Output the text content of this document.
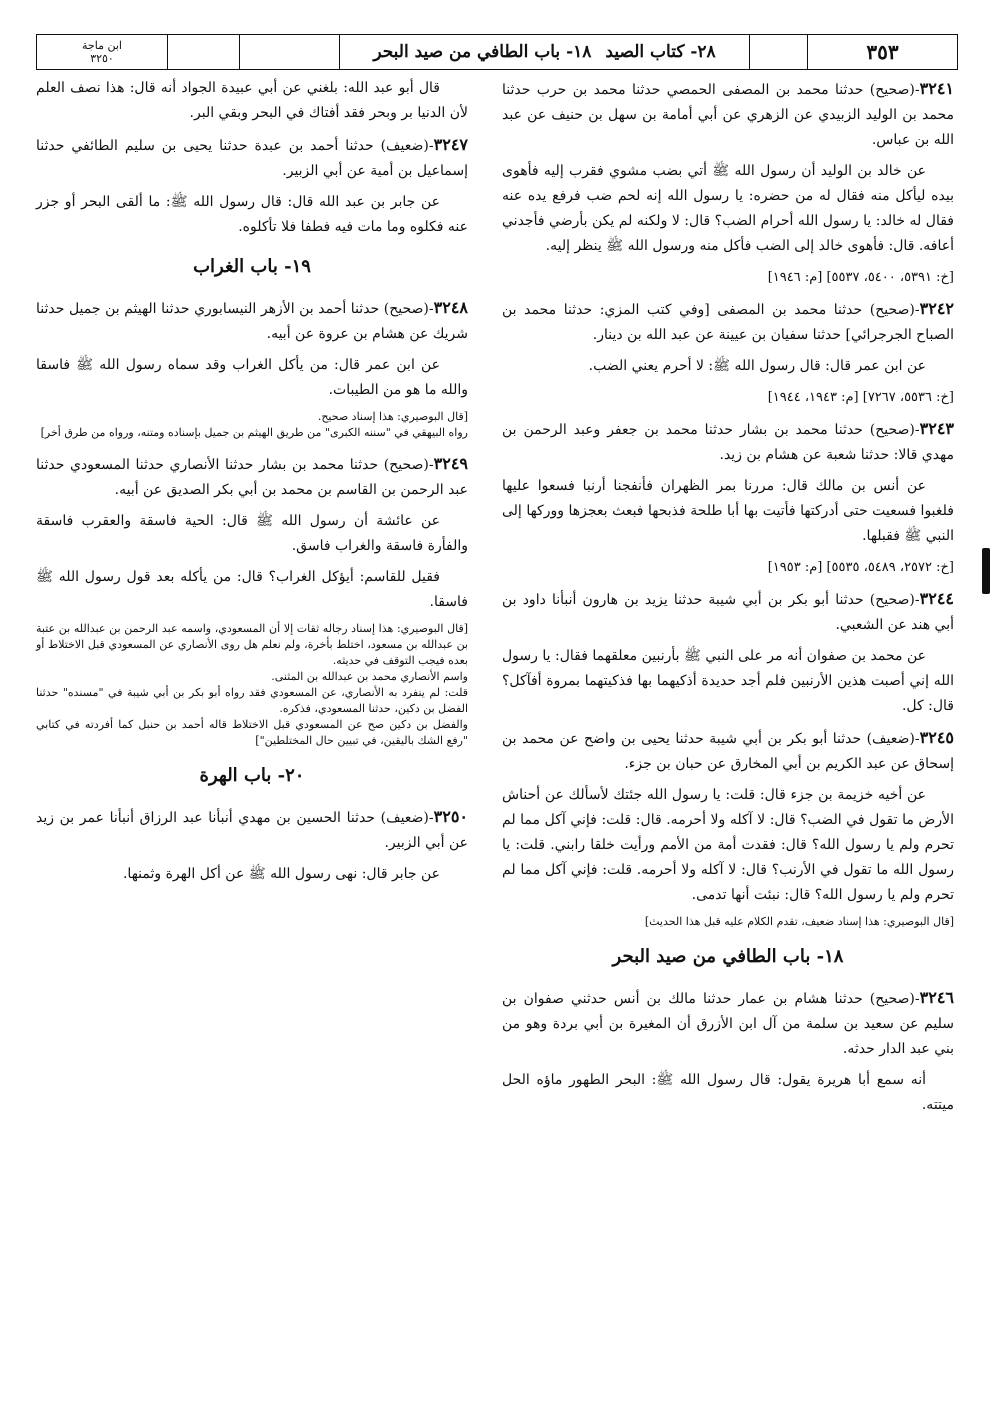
٣٥٣
٢٨- كتاب الصيد
١٨- باب الطافي من صيد البحر
ابن ماجة
٣٢٥٠

٣٢٤١-(صحيح) حدثنا محمد بن المصفى الحمصي حدثنا محمد بن حرب حدثنا محمد بن الوليد الزبيدي عن الزهري عن أبي أمامة بن سهل بن حنيف عن عبد الله بن عباس.

عن خالد بن الوليد أن رسول الله ﷺ أتي بضب مشوي فقرب إليه فأهوى بيده ليأكل منه فقال له من حضره: يا رسول الله إنه لحم ضب فرفع يده عنه فقال له خالد: يا رسول الله أحرام الضب؟ قال: لا ولكنه لم يكن بأرضي فأجدني أعافه. قال: فأهوى خالد إلى الضب فأكل منه ورسول الله ﷺ ينظر إليه.

[خ: ٥٣٩١، ٥٤٠٠، ٥٥٣٧] [م: ١٩٤٦]

٣٢٤٢-(صحيح) حدثنا محمد بن المصفى [وفي كتب المزي: حدثنا محمد بن الصباح الجرجرائي] حدثنا سفيان بن عيينة عن عبد الله بن دينار.

عن ابن عمر قال: قال رسول الله ﷺ: لا أحرم يعني الضب.

[خ: ٥٥٣٦، ٧٢٦٧] [م: ١٩٤٣، ١٩٤٤]

٣٢٤٣-(صحيح) حدثنا محمد بن بشار حدثنا محمد بن جعفر وعبد الرحمن بن مهدي قالا: حدثنا شعبة عن هشام بن زيد.

عن أنس بن مالك قال: مررنا بمر الظهران فأنفجنا أرنبا فسعوا عليها فلغبوا فسعيت حتى أدركتها فأتيت بها أبا طلحة فذبحها فبعث بعجزها ووركها إلى النبي ﷺ فقبلها.

[خ: ٢٥٧٢، ٥٤٨٩، ٥٥٣٥] [م: ١٩٥٣]

٣٢٤٤-(صحيح) حدثنا أبو بكر بن أبي شيبة حدثنا يزيد بن هارون أنبأنا داود بن أبي هند عن الشعبي.

عن محمد بن صفوان أنه مر على النبي ﷺ بأرنبين معلقهما فقال: يا رسول الله إني أصبت هذين الأرنبين فلم أجد حديدة أذكيهما بها فذكيتهما بمروة أفآكل؟ قال: كل.

٣٢٤٥-(ضعيف) حدثنا أبو بكر بن أبي شيبة حدثنا يحيى بن واضح عن محمد بن إسحاق عن عبد الكريم بن أبي المخارق عن حبان بن جزء.

عن أخيه خزيمة بن جزء قال: قلت: يا رسول الله جئتك لأسألك عن أحناش الأرض ما تقول في الضب؟ قال: لا آكله ولا أحرمه. قال: قلت: فإني آكل مما لم تحرم ولم يا رسول الله؟ قال: فقدت أمة من الأمم ورأيت خلقا رابني. قلت: يا رسول الله ما تقول في الأرنب؟ قال: لا آكله ولا أحرمه. قلت: فإني آكل مما لم تحرم ولم يا رسول الله؟ قال: نبئت أنها تدمى.

[قال البوصيري: هذا إسناد ضعيف، تقدم الكلام عليه قبل هذا الحديث]
١٨- باب الطافي من صيد البحر

٣٢٤٦-(صحيح) حدثنا هشام بن عمار حدثنا مالك بن أنس حدثني صفوان بن سليم عن سعيد بن سلمة من آل ابن الأزرق أن المغيرة بن أبي بردة وهو من بني عبد الدار حدثه.

أنه سمع أبا هريرة يقول: قال رسول الله ﷺ: البحر الطهور ماؤه الحل ميتته.

قال أبو عبد الله: بلغني عن أبي عبيدة الجواد أنه قال: هذا نصف العلم لأن الدنيا بر وبحر فقد أفتاك في البحر وبقي البر.

٣٢٤٧-(ضعيف) حدثنا أحمد بن عبدة حدثنا يحيى بن سليم الطائفي حدثنا إسماعيل بن أمية عن أبي الزبير.

عن جابر بن عبد الله قال: قال رسول الله ﷺ: ما ألقى البحر أو جزر عنه فكلوه وما مات فيه فطفا فلا تأكلوه.

١٩- باب الغراب

٣٢٤٨-(صحيح) حدثنا أحمد بن الأزهر النيسابوري حدثنا الهيثم بن جميل حدثنا شريك عن هشام بن عروة عن أبيه.

عن ابن عمر قال: من يأكل الغراب وقد سماه رسول الله ﷺ فاسقا والله ما هو من الطيبات.

[قال البوصيري: هذا إسناد صحيح.

رواه البيهقي في "سننه الكبرى" من طريق الهيثم بن جميل بإسناده ومتنه، ورواه من طرق أخر]

٣٢٤٩-(صحيح) حدثنا محمد بن بشار حدثنا الأنصاري حدثنا المسعودي حدثنا عبد الرحمن بن القاسم بن محمد بن أبي بكر الصديق عن أبيه.

عن عائشة أن رسول الله ﷺ قال: الحية فاسقة والعقرب فاسقة والفأرة فاسقة والغراب فاسق.

فقيل للقاسم: أيؤكل الغراب؟ قال: من يأكله بعد قول رسول الله ﷺ فاسقا.

[قال البوصيري: هذا إسناد رجاله ثقات إلا أن المسعودي، واسمه عبد الرحمن بن عبدالله بن عتبة بن عبدالله بن مسعود، اختلط بأخرة، ولم نعلم هل روى الأنصاري عن المسعودي قبل الاختلاط أو بعده فيجب التوقف في حديثه.

واسم الأنصاري محمد بن عبدالله بن المثنى.

قلت: لم ينفرد به الأنصاري، عن المسعودي فقد رواه أبو بكر بن أبي شيبة في "مسنده" حدثنا الفضل بن دكين، حدثنا المسعودي، فذكره.

والفضل بن دكين صح عن المسعودي قبل الاختلاط قاله أحمد بن حنبل كما أفردته في كتابي "رفع الشك باليقين، في تبيين حال المختلطين"]

٢٠- باب الهرة

٣٢٥٠-(ضعيف) حدثنا الحسين بن مهدي أنبأنا عبد الرزاق أنبأنا عمر بن زيد عن أبي الزبير.

عن جابر قال: نهى رسول الله ﷺ عن أكل الهرة وثمنها.
